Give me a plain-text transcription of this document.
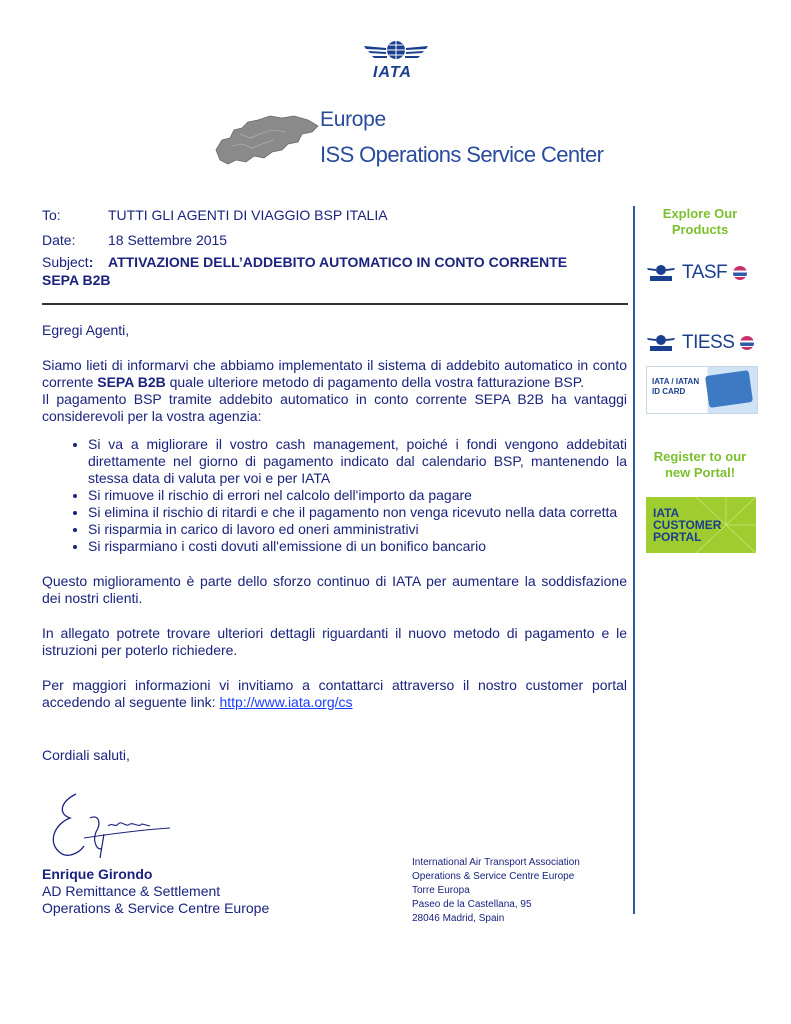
IATA
Europe
ISS Operations Service Center
To:	TUTTI GLI AGENTI DI VIAGGIO BSP ITALIA
Date: 18 Settembre 2015
Subject: ATTIVAZIONE DELL’ADDEBITO AUTOMATICO IN CONTO CORRENTE
SEPA B2B

Egregi Agenti,

Siamo lieti di informarvi che abbiamo implementato il sistema di addebito automatico in conto corrente SEPA B2B quale ulteriore metodo di pagamento della vostra fatturazione BSP.

Il pagamento BSP tramite addebito automatico in conto corrente SEPA B2B ha vantaggi considerevoli per la vostra agenzia:

• Si va a migliorare il vostro cash management, poiché i fondi vengono addebitati direttamente nel giorno di pagamento indicato dal calendario BSP, mantenendo la stessa data di valuta per voi e per IATA
• Si rimuove il rischio di errori nel calcolo dell'importo da pagare
• Si elimina il rischio di ritardi e che il pagamento non venga ricevuto nella data corretta
• Si risparmia in carico di lavoro ed oneri amministrativi
• Si risparmiano i costi dovuti all'emissione di un bonifico bancario

Questo miglioramento è parte dello sforzo continuo di IATA per aumentare la soddisfazione dei nostri clienti.

In allegato potrete trovare ulteriori dettagli riguardanti il nuovo metodo di pagamento e le istruzioni per poterlo richiedere.

Per maggiori informazioni vi invitiamo a contattarci attraverso il nostro customer portal accedendo al seguente link: http://www.iata.org/cs

Cordiali saluti,

Enrique Girondo
AD Remittance & Settlement
Operations & Service Centre Europe
International Air Transport Association
Operations & Service Centre Europe
Torre Europa
Paseo de la Castellana, 95
28046 Madrid, Spain
Explore Our Products
TASF
TIESS
IATA / IATAN
ID CARD
Register to our new Portal!
IATA
CUSTOMER
PORTAL
